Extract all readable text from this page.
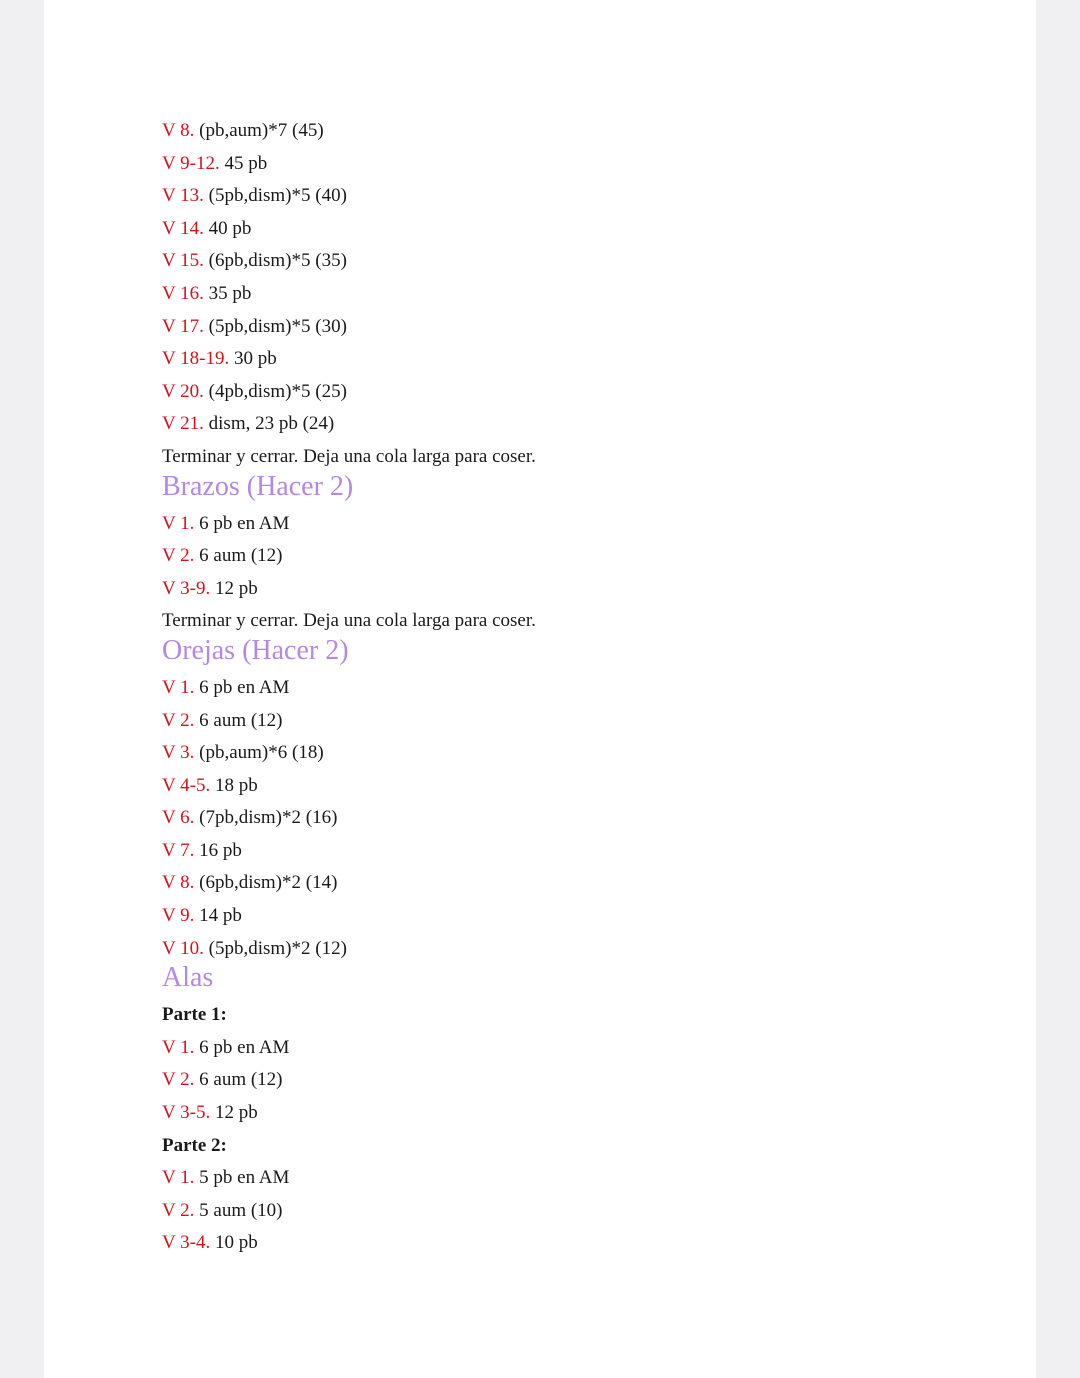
V 8. (pb,aum)*7 (45)
V 9-12. 45 pb
V 13. (5pb,dism)*5 (40)
V 14. 40 pb
V 15. (6pb,dism)*5 (35)
V 16. 35 pb
V 17. (5pb,dism)*5 (30)
V 18-19. 30 pb
V 20. (4pb,dism)*5 (25)
V 21. dism, 23 pb (24)
Terminar y cerrar. Deja una cola larga para coser.
Brazos (Hacer 2)
V 1. 6 pb en AM
V 2. 6 aum (12)
V 3-9. 12 pb
Terminar y cerrar. Deja una cola larga para coser.
Orejas (Hacer 2)
V 1. 6 pb en AM
V 2. 6 aum (12)
V 3. (pb,aum)*6 (18)
V 4-5. 18 pb
V 6. (7pb,dism)*2 (16)
V 7. 16 pb
V 8. (6pb,dism)*2 (14)
V 9. 14 pb
V 10. (5pb,dism)*2 (12)
Alas
Parte 1:
V 1. 6 pb en AM
V 2. 6 aum (12)
V 3-5. 12 pb
Parte 2:
V 1. 5 pb en AM
V 2. 5 aum (10)
V 3-4. 10 pb
